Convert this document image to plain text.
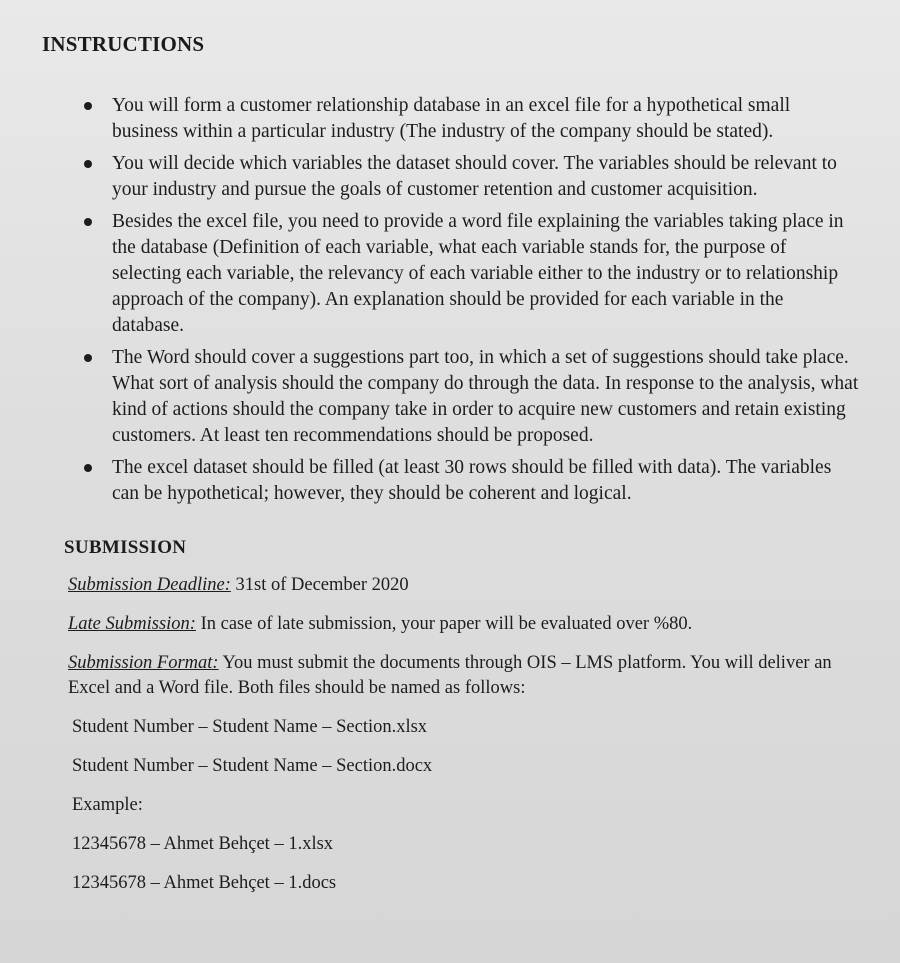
INSTRUCTIONS
You will form a customer relationship database in an excel file for a hypothetical small business within a particular industry (The industry of the company should be stated).
You will decide which variables the dataset should cover. The variables should be relevant to your industry and pursue the goals of customer retention and customer acquisition.
Besides the excel file, you need to provide a word file explaining the variables taking place in the database (Definition of each variable, what each variable stands for, the purpose of selecting each variable, the relevancy of each variable either to the industry or to relationship approach of the company). An explanation should be provided for each variable in the database.
The Word should cover a suggestions part too, in which a set of suggestions should take place. What sort of analysis should the company do through the data. In response to the analysis, what kind of actions should the company take in order to acquire new customers and retain existing customers. At least ten recommendations should be proposed.
The excel dataset should be filled (at least 30 rows should be filled with data). The variables can be hypothetical; however, they should be coherent and logical.
SUBMISSION
Submission Deadline: 31st of December 2020
Late Submission: In case of late submission, your paper will be evaluated over %80.
Submission Format: You must submit the documents through OIS – LMS platform. You will deliver an Excel and a Word file. Both files should be named as follows:
Student Number – Student Name – Section.xlsx
Student Number – Student Name – Section.docx
Example:
12345678 – Ahmet Behçet – 1.xlsx
12345678 – Ahmet Behçet – 1.docs
